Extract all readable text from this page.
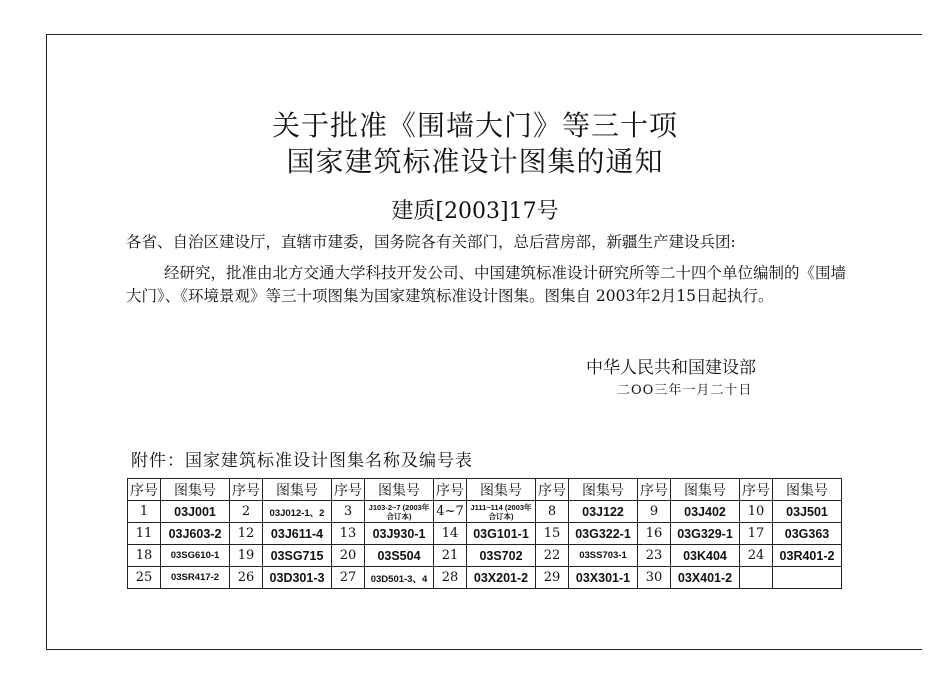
关于批准《围墙大门》等三十项
国家建筑标准设计图集的通知
建质[2003]17号
各省、自治区建设厅，直辖市建委，国务院各有关部门，总后营房部，新疆生产建设兵团:
经研究，批准由北方交通大学科技开发公司、中国建筑标准设计研究所等二十四个单位编制的《围墙大门》、《环境景观》等三十项图集为国家建筑标准设计图集。图集自 2003年2月15日起执行。
中华人民共和国建设部
二OO三年一月二十日
附件：国家建筑标准设计图集名称及编号表
序号	图集号	序号	图集号	序号	图集号	序号	图集号	序号	图集号	序号	图集号	序号	图集号
1	03J001	2	03J012-1、2	3	J103-2~7 (2003年合订本)	4~7	J111~114 (2003年合订本)	8	03J122	9	03J402	10	03J501
11	03J603-2	12	03J611-4	13	03J930-1	14	03G101-1	15	03G322-1	16	03G329-1	17	03G363
18	03SG610-1	19	03SG715	20	03S504	21	03S702	22	03SS703-1	23	03K404	24	03R401-2
25	03SR417-2	26	03D301-3	27	03D501-3、4	28	03X201-2	29	03X301-1	30	03X401-2		
